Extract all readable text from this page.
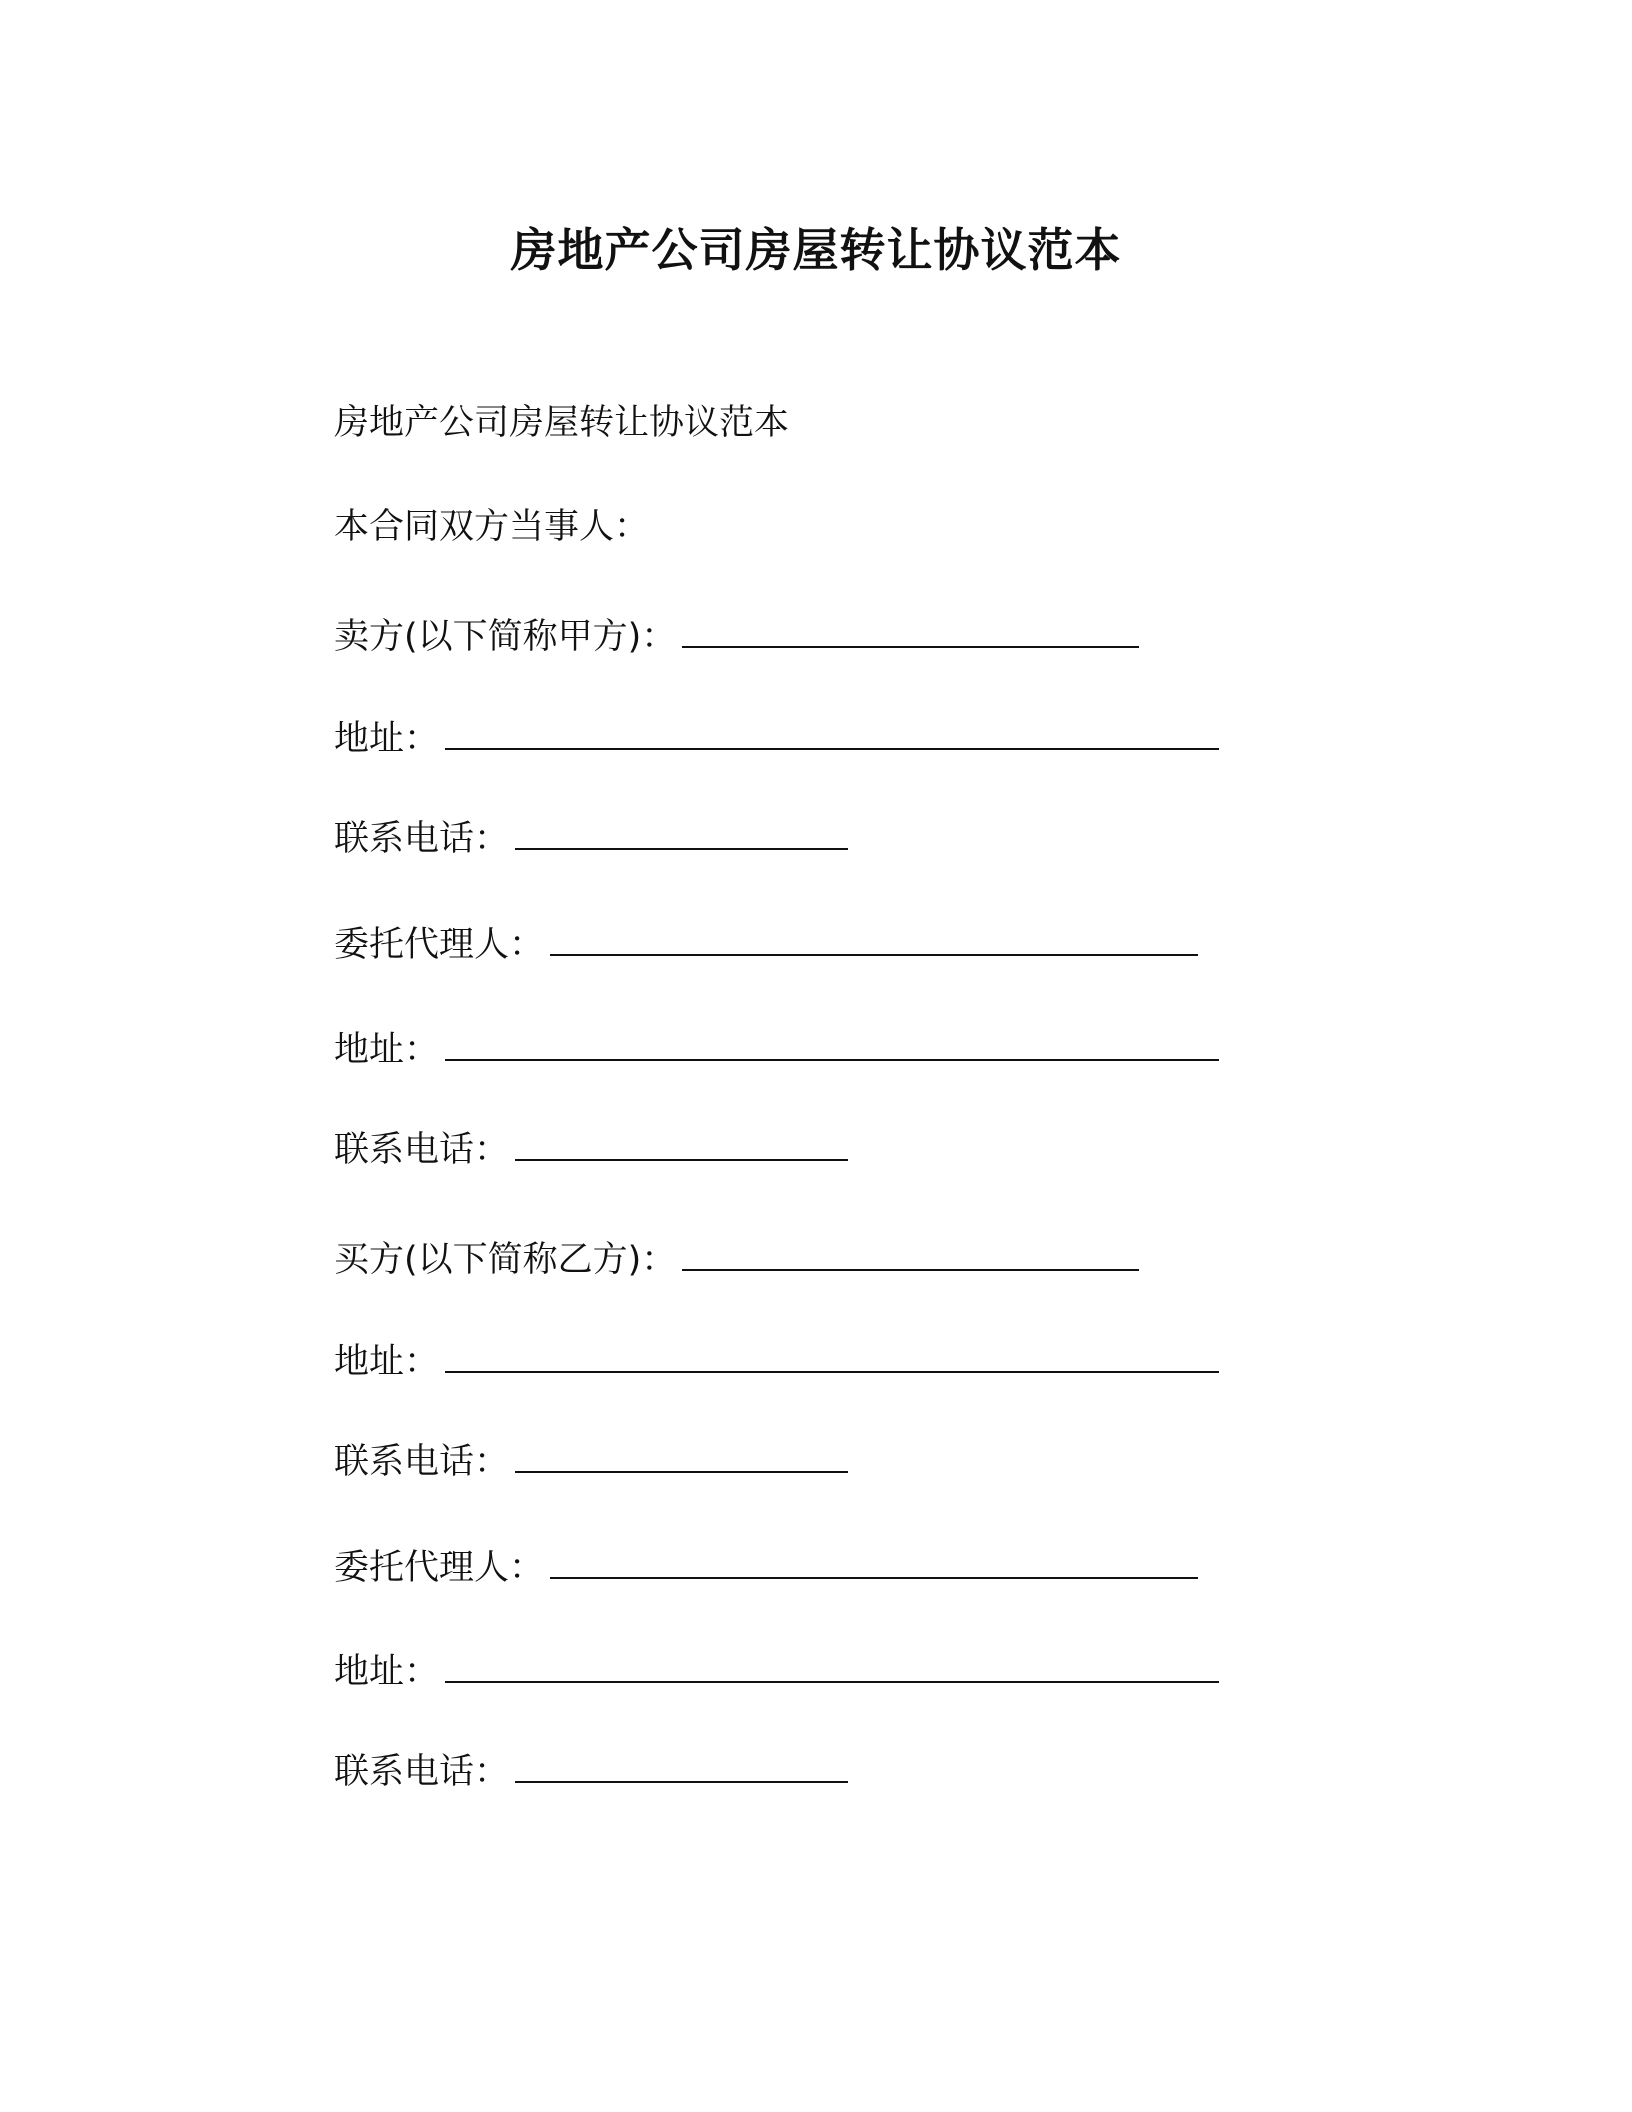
房地产公司房屋转让协议范本
房地产公司房屋转让协议范本
本合同双方当事人：
卖方(以下简称甲方)：
地址：
联系电话：
委托代理人：
地址：
联系电话：
买方(以下简称乙方)：
地址：
联系电话：
委托代理人：
地址：
联系电话：
